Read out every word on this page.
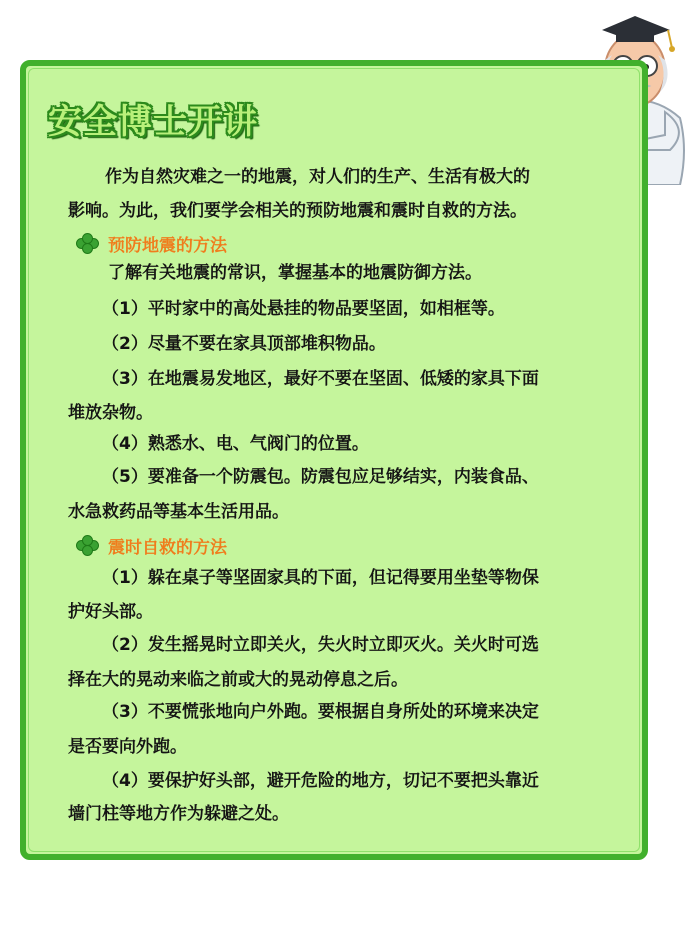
安全博士开讲
作为自然灾难之一的地震，对人们的生产、生活有极大的
影响。为此，我们要学会相关的预防地震和震时自救的方法。
预防地震的方法
了解有关地震的常识，掌握基本的地震防御方法。
（1）平时家中的高处悬挂的物品要坚固，如相框等。
（2）尽量不要在家具顶部堆积物品。
（3）在地震易发地区，最好不要在坚固、低矮的家具下面
堆放杂物。
（4）熟悉水、电、气阀门的位置。
（5）要准备一个防震包。防震包应足够结实，内装食品、
水急救药品等基本生活用品。
震时自救的方法
（1）躲在桌子等坚固家具的下面，但记得要用坐垫等物保
护好头部。
（2）发生摇晃时立即关火，失火时立即灭火。关火时可选
择在大的晃动来临之前或大的晃动停息之后。
（3）不要慌张地向户外跑。要根据自身所处的环境来决定
是否要向外跑。
（4）要保护好头部，避开危险的地方，切记不要把头靠近
墙门柱等地方作为躲避之处。
